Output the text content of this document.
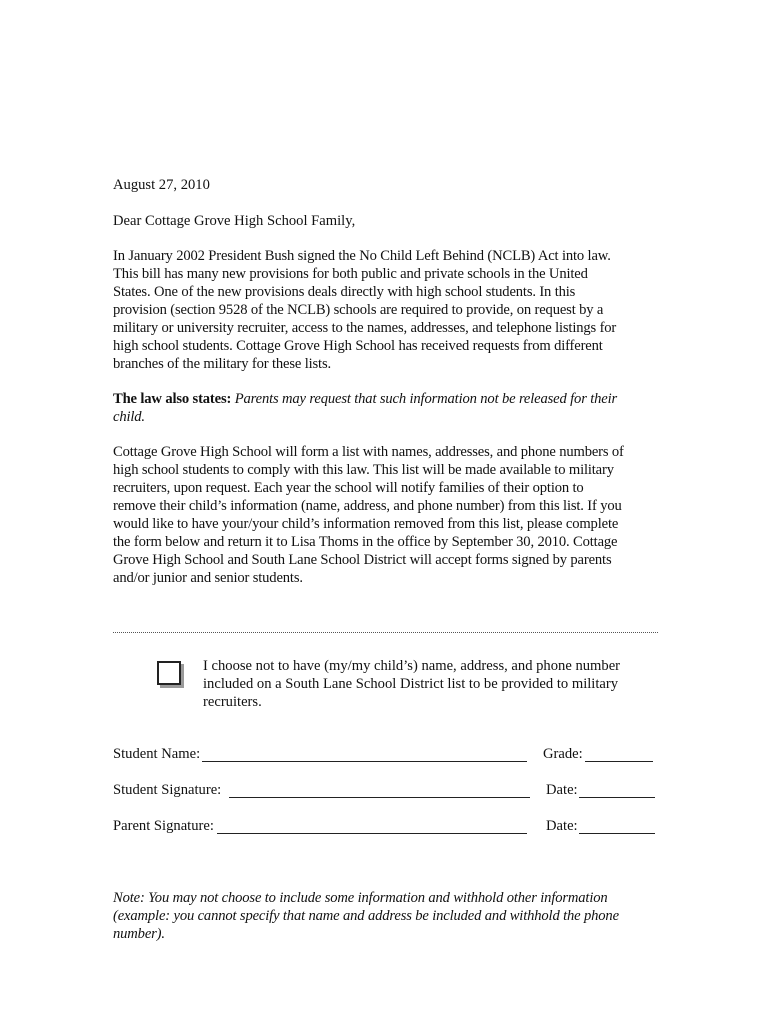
August 27, 2010
Dear Cottage Grove High School Family,
In January 2002 President Bush signed the No Child Left Behind (NCLB) Act into law.
This bill has many new provisions for both public and private schools in the United
States. One of the new provisions deals directly with high school students. In this
provision (section 9528 of the NCLB) schools are required to provide, on request by a
military or university recruiter, access to the names, addresses, and telephone listings for
high school students. Cottage Grove High School has received requests from different
branches of the military for these lists.
The law also states: Parents may request that such information not be released for their
child.
Cottage Grove High School will form a list with names, addresses, and phone numbers of
high school students to comply with this law. This list will be made available to military
recruiters, upon request. Each year the school will notify families of their option to
remove their child’s information (name, address, and phone number) from this list. If you
would like to have your/your child’s information removed from this list, please complete
the form below and return it to Lisa Thoms in the office by September 30, 2010. Cottage
Grove High School and South Lane School District will accept forms signed by parents
and/or junior and senior students.
I choose not to have (my/my child’s) name, address, and phone number
included on a South Lane School District list to be provided to military
recruiters.
Student Name:	Grade:
Student Signature:	Date:
Parent Signature:	Date:
Note: You may not choose to include some information and withhold other information
(example: you cannot specify that name and address be included and withhold the phone
number).
